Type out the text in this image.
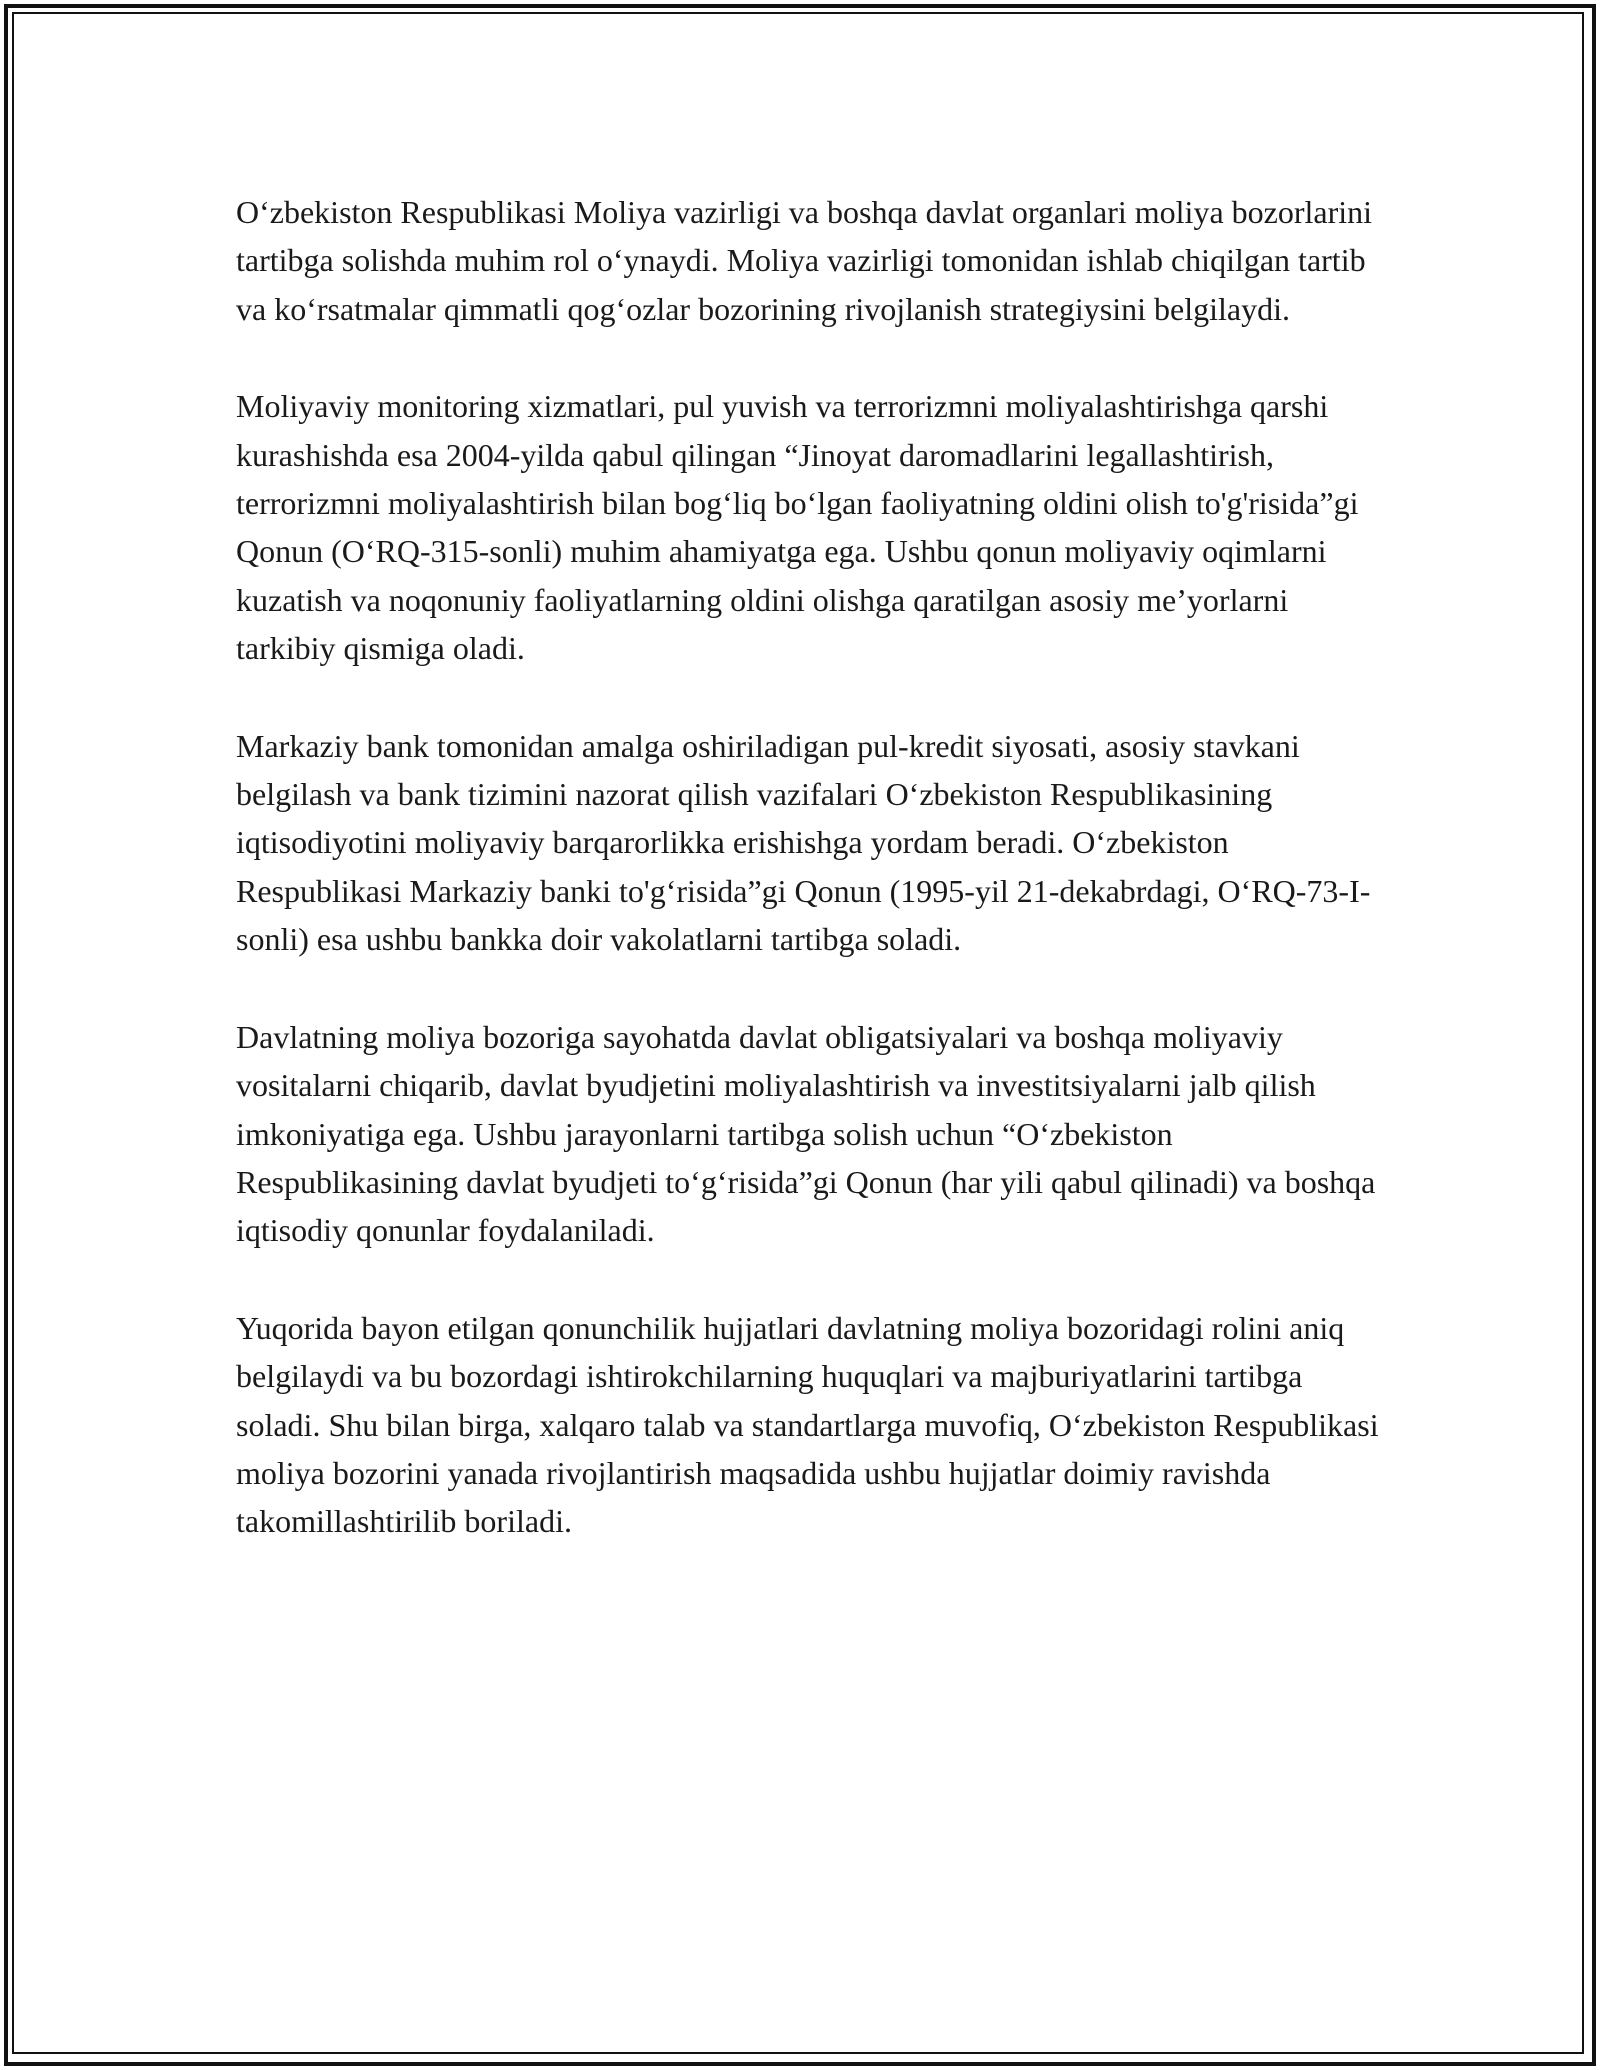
O‘zbekiston Respublikasi Moliya vazirligi va boshqa davlat organlari moliya bozorlarini tartibga solishda muhim rol o‘ynaydi. Moliya vazirligi tomonidan ishlab chiqilgan tartib va ko‘rsatmalar qimmatli qog‘ozlar bozorining rivojlanish strategiysini belgilaydi.

Moliyaviy monitoring xizmatlari, pul yuvish va terrorizmni moliyalashtirishga qarshi kurashishda esa 2004-yilda qabul qilingan “Jinoyat daromadlarini legallashtirish, terrorizmni moliyalashtirish bilan bog‘liq bo‘lgan faoliyatning oldini olish to'g'risida”gi Qonun (O‘RQ-315-sonli) muhim ahamiyatga ega. Ushbu qonun moliyaviy oqimlarni kuzatish va noqonuniy faoliyatlarning oldini olishga qaratilgan asosiy me’yorlarni tarkibiy qismiga oladi.

Markaziy bank tomonidan amalga oshiriladigan pul-kredit siyosati, asosiy stavkani belgilash va bank tizimini nazorat qilish vazifalari O‘zbekiston Respublikasining iqtisodiyotini moliyaviy barqarorlikka erishishga yordam beradi. O‘zbekiston Respublikasi Markaziy banki to'g‘risida”gi Qonun (1995-yil 21-dekabrdagi, O‘RQ-73-I-sonli) esa ushbu bankka doir vakolatlarni tartibga soladi.

Davlatning moliya bozoriga sayohatda davlat obligatsiyalari va boshqa moliyaviy vositalarni chiqarib, davlat byudjetini moliyalashtirish va investitsiyalarni jalb qilish imkoniyatiga ega. Ushbu jarayonlarni tartibga solish uchun “O‘zbekiston Respublikasining davlat byudjeti to‘g‘risida”gi Qonun (har yili qabul qilinadi) va boshqa iqtisodiy qonunlar foydalaniladi.

Yuqorida bayon etilgan qonunchilik hujjatlari davlatning moliya bozoridagi rolini aniq belgilaydi va bu bozordagi ishtirokchilarning huquqlari va majburiyatlarini tartibga soladi. Shu bilan birga, xalqaro talab va standartlarga muvofiq, O‘zbekiston Respublikasi moliya bozorini yanada rivojlantirish maqsadida ushbu hujjatlar doimiy ravishda takomillashtirilib boriladi.
